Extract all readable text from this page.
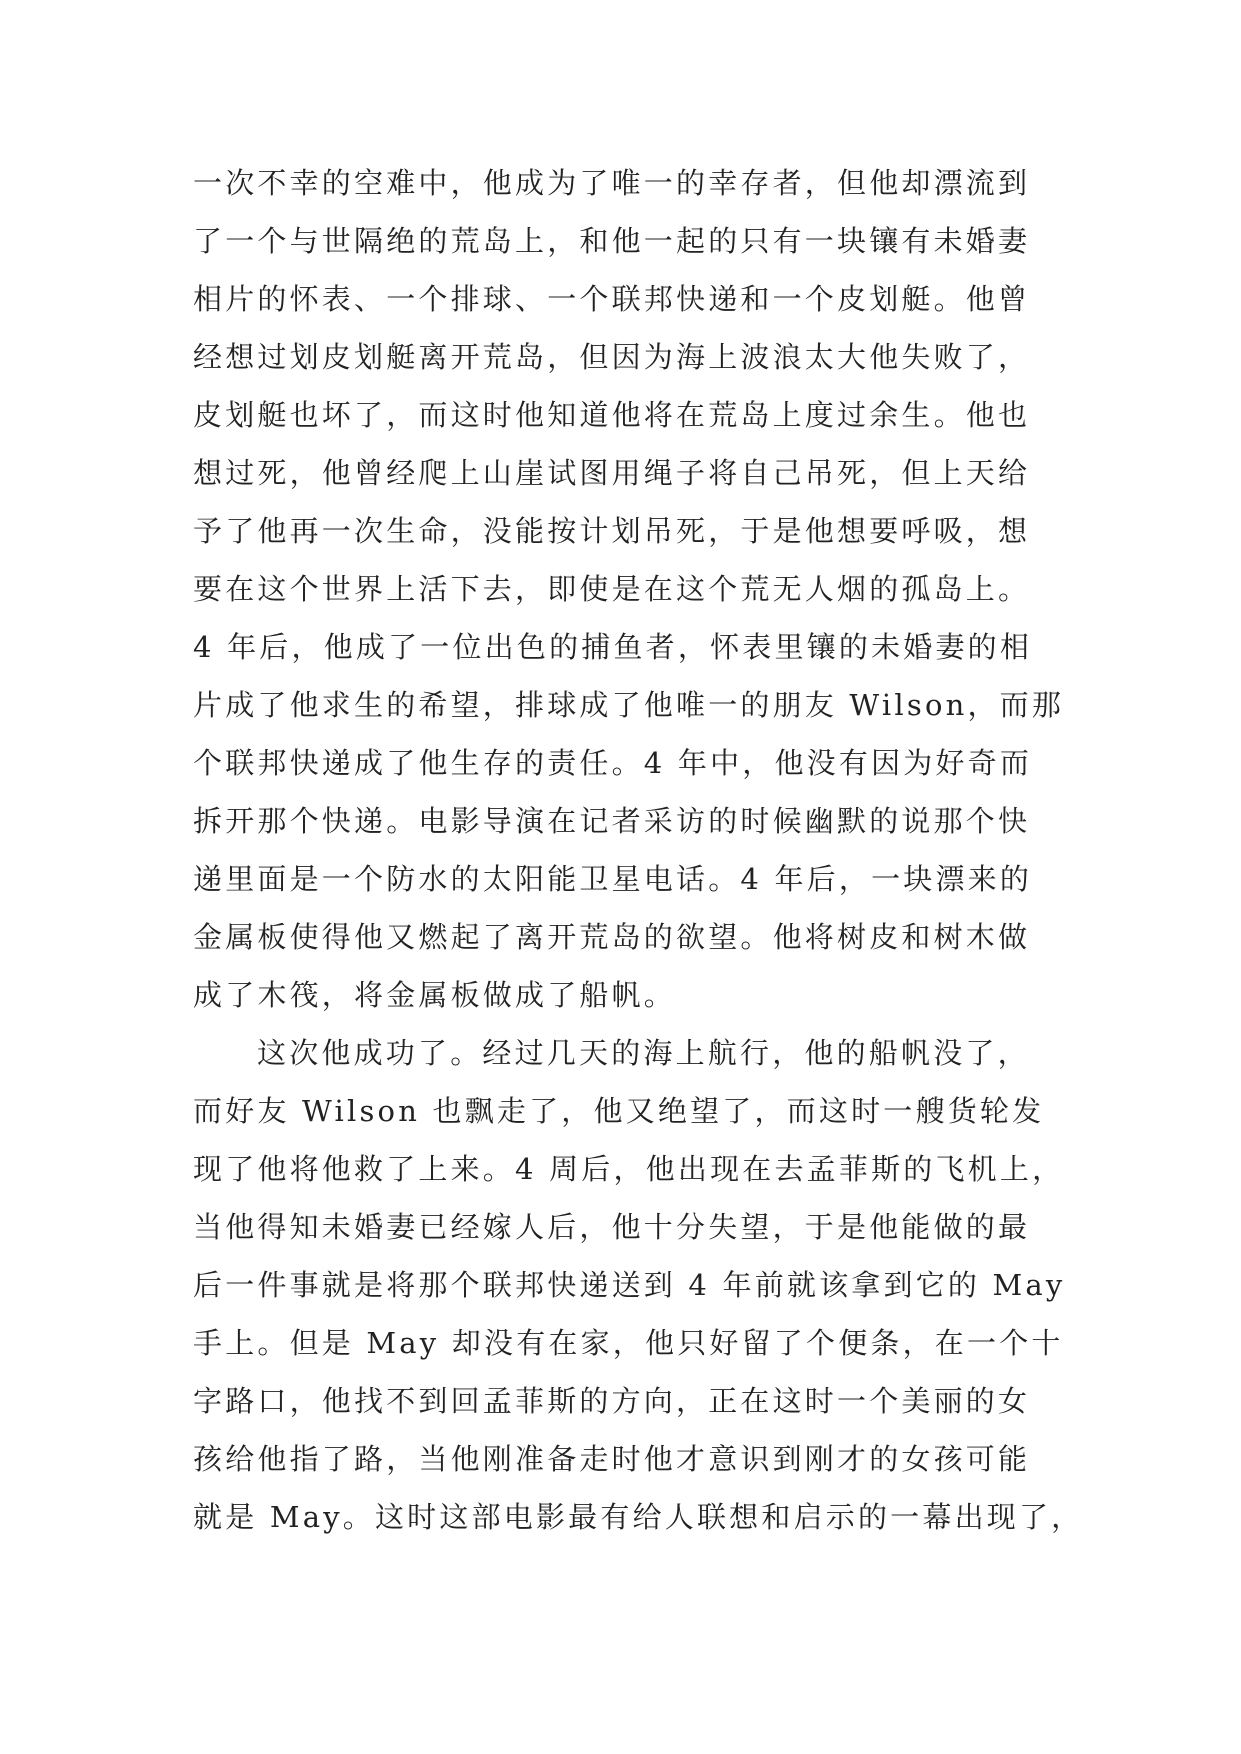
一次不幸的空难中，他成为了唯一的幸存者，但他却漂流到
了一个与世隔绝的荒岛上，和他一起的只有一块镶有未婚妻
相片的怀表、一个排球、一个联邦快递和一个皮划艇。他曾
经想过划皮划艇离开荒岛，但因为海上波浪太大他失败了，
皮划艇也坏了，而这时他知道他将在荒岛上度过余生。他也
想过死，他曾经爬上山崖试图用绳子将自己吊死，但上天给
予了他再一次生命，没能按计划吊死，于是他想要呼吸，想
要在这个世界上活下去，即使是在这个荒无人烟的孤岛上。
4 年后，他成了一位出色的捕鱼者，怀表里镶的未婚妻的相
片成了他求生的希望，排球成了他唯一的朋友 Wilson，而那
个联邦快递成了他生存的责任。4 年中，他没有因为好奇而
拆开那个快递。电影导演在记者采访的时候幽默的说那个快
递里面是一个防水的太阳能卫星电话。4 年后，一块漂来的
金属板使得他又燃起了离开荒岛的欲望。他将树皮和树木做
成了木筏，将金属板做成了船帆。
这次他成功了。经过几天的海上航行，他的船帆没了，
而好友 Wilson 也飘走了，他又绝望了，而这时一艘货轮发
现了他将他救了上来。4 周后，他出现在去孟菲斯的飞机上，
当他得知未婚妻已经嫁人后，他十分失望，于是他能做的最
后一件事就是将那个联邦快递送到 4 年前就该拿到它的 May
手上。但是 May 却没有在家，他只好留了个便条，在一个十
字路口，他找不到回孟菲斯的方向，正在这时一个美丽的女
孩给他指了路，当他刚准备走时他才意识到刚才的女孩可能
就是 May。这时这部电影最有给人联想和启示的一幕出现了，
